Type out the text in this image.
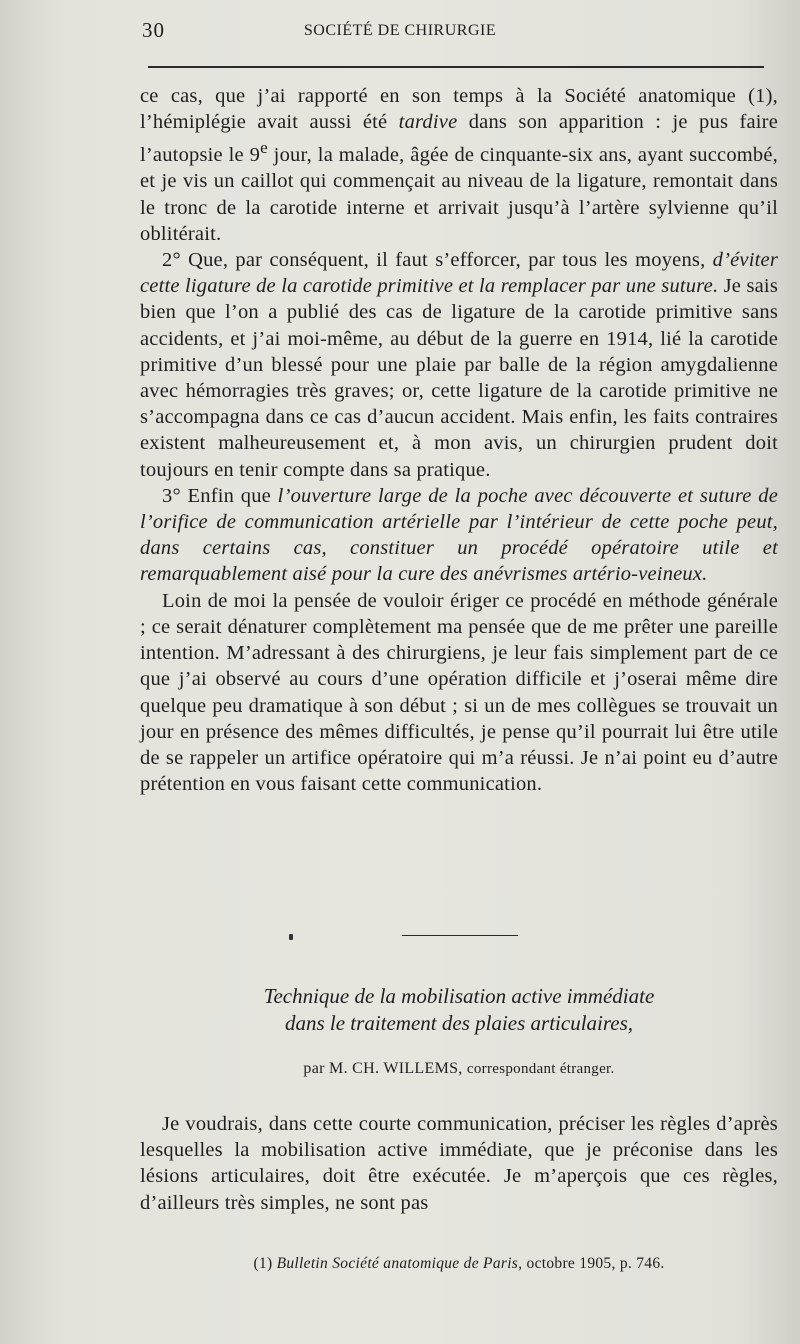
30	SOCIÉTÉ DE CHIRURGIE

ce cas, que j’ai rapporté en son temps à la Société anatomique (1), l’hémiplégie avait aussi été tardive dans son apparition : je pus faire l’autopsie le 9e jour, la malade, âgée de cinquante-six ans, ayant succombé, et je vis un caillot qui commençait au niveau de la ligature, remontait dans le tronc de la carotide interne et arrivait jusqu’à l’artère sylvienne qu’il oblitérait.

2° Que, par conséquent, il faut s’efforcer, par tous les moyens, d’éviter cette ligature de la carotide primitive et la remplacer par une suture. Je sais bien que l’on a publié des cas de ligature de la carotide primitive sans accidents, et j’ai moi-même, au début de la guerre en 1914, lié la carotide primitive d’un blessé pour une plaie par balle de la région amygdalienne avec hémorragies très graves; or, cette ligature de la carotide primitive ne s’accompagna dans ce cas d’aucun accident. Mais enfin, les faits contraires existent malheureusement et, à mon avis, un chirurgien prudent doit toujours en tenir compte dans sa pratique.

3° Enfin que l’ouverture large de la poche avec découverte et suture de l’orifice de communication artérielle par l’intérieur de cette poche peut, dans certains cas, constituer un procédé opératoire utile et remarquablement aisé pour la cure des anévrismes artério-veineux.

Loin de moi la pensée de vouloir ériger ce procédé en méthode générale ; ce serait dénaturer complètement ma pensée que de me prêter une pareille intention. M’adressant à des chirurgiens, je leur fais simplement part de ce que j’ai observé au cours d’une opération difficile et j’oserai même dire quelque peu dramatique à son début ; si un de mes collègues se trouvait un jour en présence des mêmes difficultés, je pense qu’il pourrait lui être utile de se rappeler un artifice opératoire qui m’a réussi. Je n’ai point eu d’autre prétention en vous faisant cette communication.

Technique de la mobilisation active immédiate
dans le traitement des plaies articulaires,
par M. CH. WILLEMS, correspondant étranger.

Je voudrais, dans cette courte communication, préciser les règles d’après lesquelles la mobilisation active immédiate, que je préconise dans les lésions articulaires, doit être exécutée. Je m’aperçois que ces règles, d’ailleurs très simples, ne sont pas

(1) Bulletin Société anatomique de Paris, octobre 1905, p. 746.
